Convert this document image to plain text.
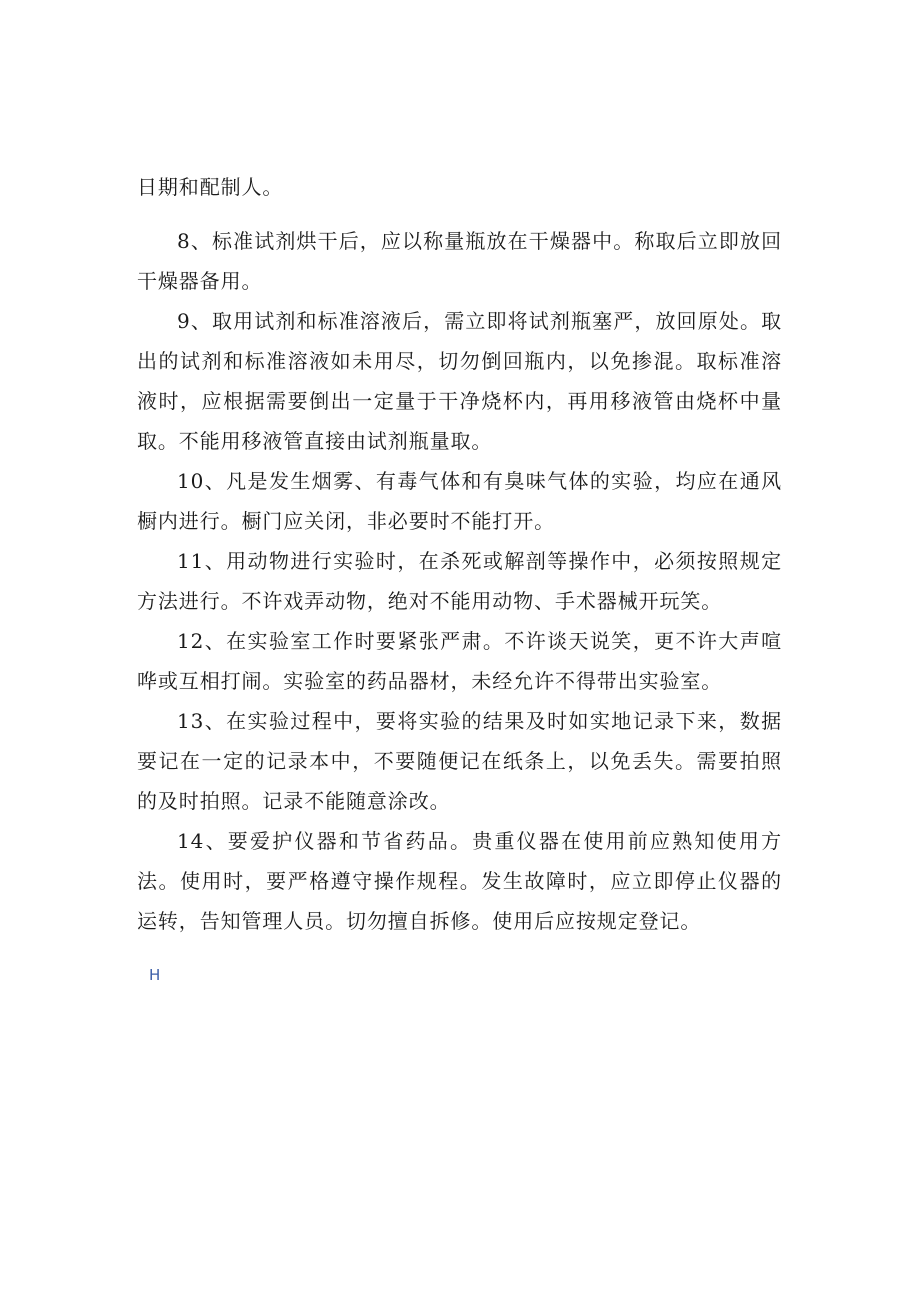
日期和配制人。

8、标准试剂烘干后，应以称量瓶放在干燥器中。称取后立即放回干燥器备用。

9、取用试剂和标准溶液后，需立即将试剂瓶塞严，放回原处。取出的试剂和标准溶液如未用尽，切勿倒回瓶内，以免掺混。取标准溶液时，应根据需要倒出一定量于干净烧杯内，再用移液管由烧杯中量取。不能用移液管直接由试剂瓶量取。

10、凡是发生烟雾、有毒气体和有臭味气体的实验，均应在通风橱内进行。橱门应关闭，非必要时不能打开。

11、用动物进行实验时，在杀死或解剖等操作中，必须按照规定方法进行。不许戏弄动物，绝对不能用动物、手术器械开玩笑。

12、在实验室工作时要紧张严肃。不许谈天说笑，更不许大声喧哗或互相打闹。实验室的药品器材，未经允许不得带出实验室。

13、在实验过程中，要将实验的结果及时如实地记录下来，数据要记在一定的记录本中，不要随便记在纸条上，以免丢失。需要拍照的及时拍照。记录不能随意涂改。

14、要爱护仪器和节省药品。贵重仪器在使用前应熟知使用方法。使用时，要严格遵守操作规程。发生故障时，应立即停止仪器的运转，告知管理人员。切勿擅自拆修。使用后应按规定登记。

H
